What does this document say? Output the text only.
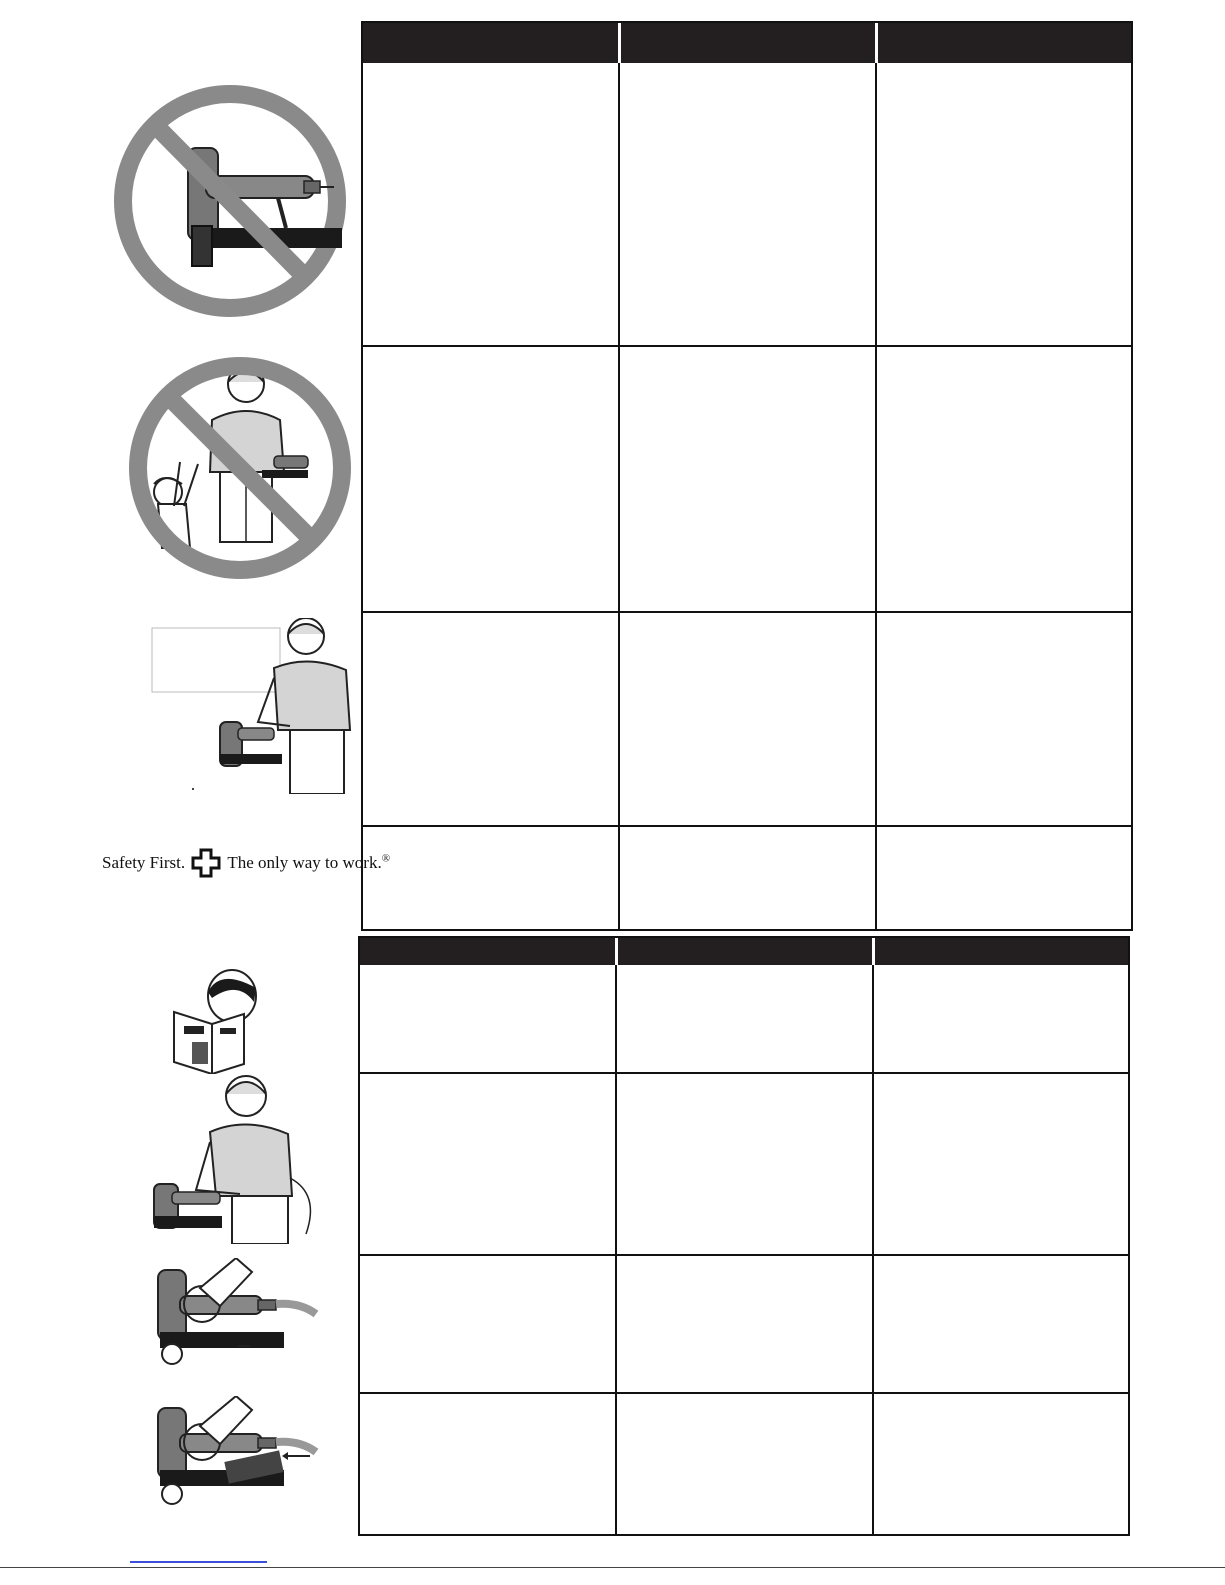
Safety First. The only way to work.®
